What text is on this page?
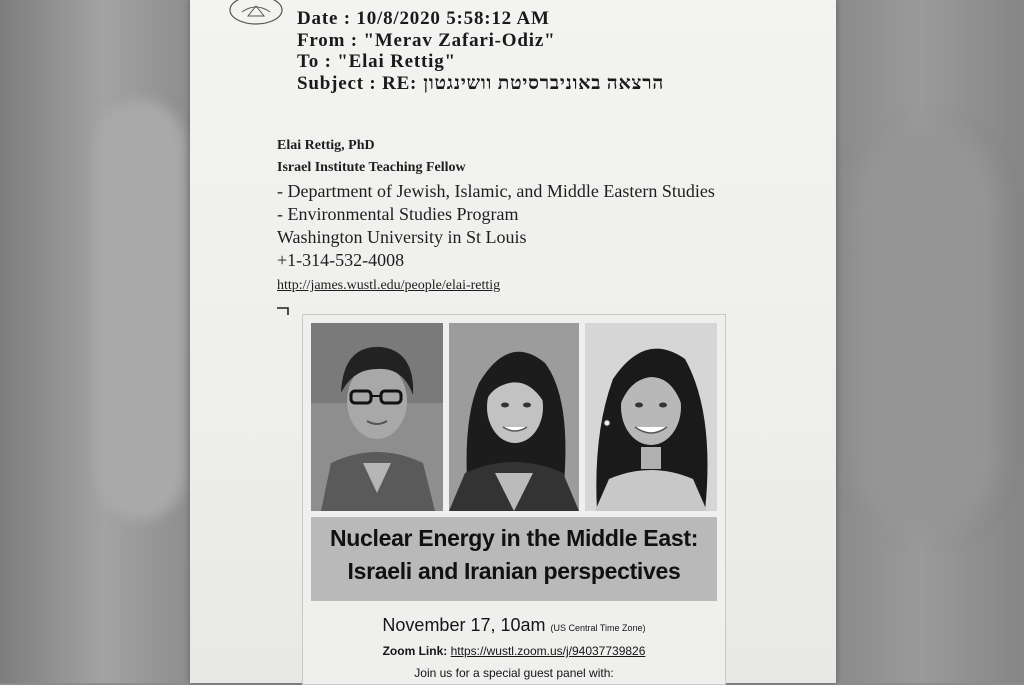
Date : 10/8/2020 5:58:12 AM
From : "Merav Zafari-Odiz"
To : "Elai Rettig"
Subject : RE: הרצאה באוניברסיטת וושינגטון
Elai Rettig, PhD
Israel Institute Teaching Fellow
- Department of Jewish, Islamic, and Middle Eastern Studies
- Environmental Studies Program
Washington University in St Louis
+1-314-532-4008
http://james.wustl.edu/people/elai-rettig
Nuclear Energy in the Middle East:
Israeli and Iranian perspectives
November 17, 10am (US Central Time Zone)
Zoom Link: https://wustl.zoom.us/j/94037739826
Join us for a special guest panel with:
